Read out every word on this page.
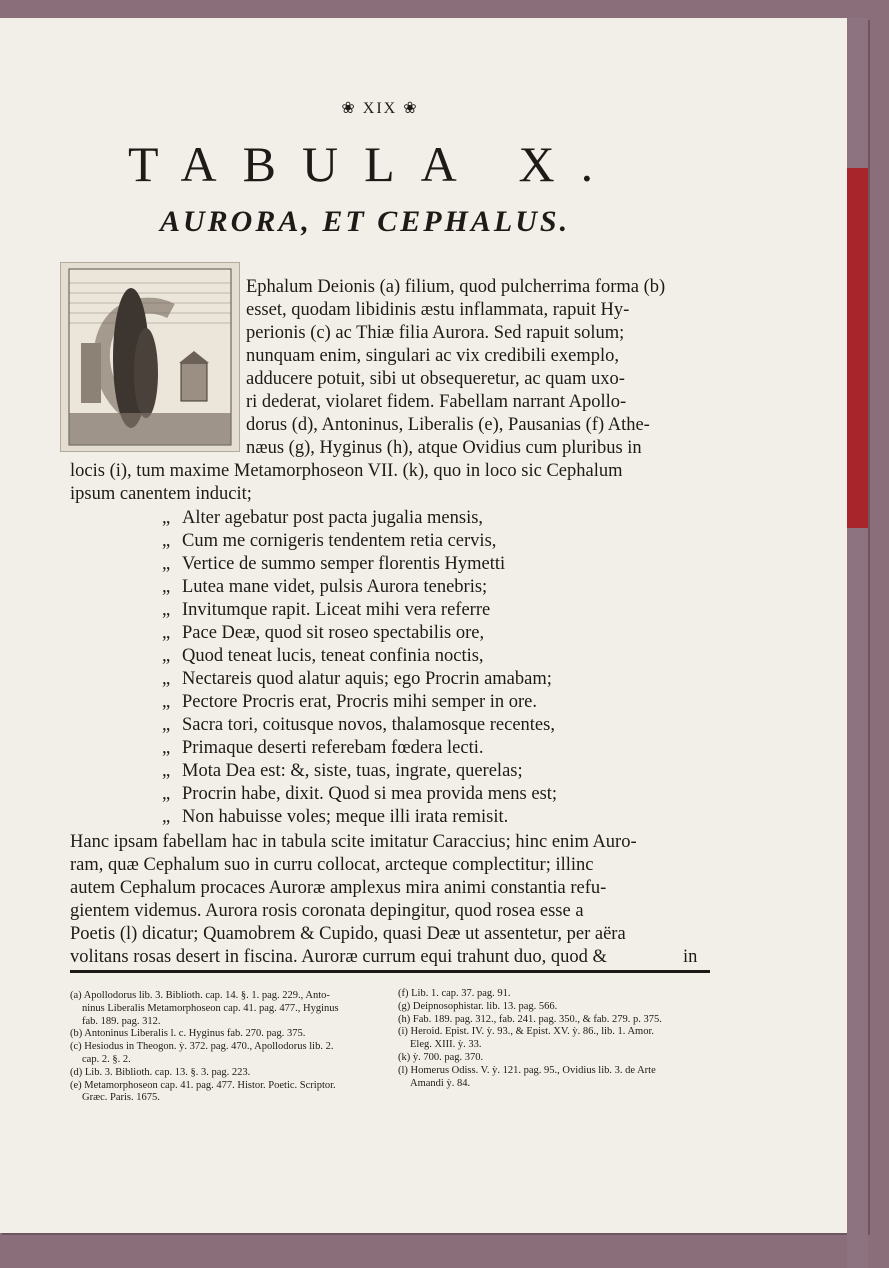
❀ XIX ❀
TABULA X.
AURORA, ET CEPHALUS.
Ephalum Deionis (a) filium, quod pulcherrima forma (b)
esset, quodam libidinis æstu inflammata, rapuit Hy-
perionis (c) ac Thiæ filia Aurora. Sed rapuit solum;
nunquam enim, singulari ac vix credibili exemplo,
adducere potuit, sibi ut obsequeretur, ac quam uxo-
ri dederat, violaret fidem. Fabellam narrant Apollo-
dorus (d), Antoninus, Liberalis (e), Pausanias (f) Athe-
næus (g), Hyginus (h), atque Ovidius cum pluribus in
locis (i), tum maxime Metamorphoseon VII. (k), quo in loco sic Cephalum
ipsum canentem inducit;
„ Alter agebatur post pacta jugalia mensis,
„ Cum me cornigeris tendentem retia cervis,
„ Vertice de summo semper florentis Hymetti
„ Lutea mane videt, pulsis Aurora tenebris;
„ Invitumque rapit. Liceat mihi vera referre
„ Pace Deæ, quod sit roseo spectabilis ore,
„ Quod teneat lucis, teneat confinia noctis,
„ Nectareis quod alatur aquis; ego Procrin amabam;
„ Pectore Procris erat, Procris mihi semper in ore.
„ Sacra tori, coitusque novos, thalamosque recentes,
„ Primaque deserti referebam fœdera lecti.
„ Mota Dea est: &, siste, tuas, ingrate, querelas;
„ Procrin habe, dixit. Quod si mea provida mens est;
„ Non habuisse voles; meque illi irata remisit.
Hanc ipsam fabellam hac in tabula scite imitatur Caraccius; hinc enim Auro-
ram, quæ Cephalum suo in curru collocat, arcteque complectitur; illinc
autem Cephalum procaces Auroræ amplexus mira animi constantia refu-
gientem videmus. Aurora rosis coronata depingitur, quod rosea esse a
Poetis (l) dicatur; Quamobrem & Cupido, quasi Deæ ut assentetur, per aëra
volitans rosas desert in fiscina. Auroræ currum equi trahunt duo, quod &	in
(a) Apollodorus lib. 3. Biblioth. cap. 14. §. 1. pag. 229., Anto-
ninus Liberalis Metamorphoseon cap. 41. pag. 477., Hyginus
fab. 189. pag. 312.
(b) Antoninus Liberalis l. c. Hyginus fab. 270. pag. 375.
(c) Hesiodus in Theogon. ỳ. 372. pag. 470., Apollodorus lib. 2.
cap. 2. §. 2.
(d) Lib. 3. Biblioth. cap. 13. §. 3. pag. 223.
(e) Metamorphoseon cap. 41. pag. 477. Histor. Poetic. Scriptor.
Græc. Paris. 1675.
(f) Lib. 1. cap. 37. pag. 91.
(g) Deipnosophistar. lib. 13. pag. 566.
(h) Fab. 189. pag. 312., fab. 241. pag. 350., & fab. 279. p. 375.
(i) Heroid. Epist. IV. ỳ. 93., & Epist. XV. ỳ. 86., lib. 1. Amor.
Eleg. XIII. ỳ. 33.
(k) ỳ. 700. pag. 370.
(l) Homerus Odiss. V. ỳ. 121. pag. 95., Ovidius lib. 3. de Arte
Amandi ỳ. 84.
